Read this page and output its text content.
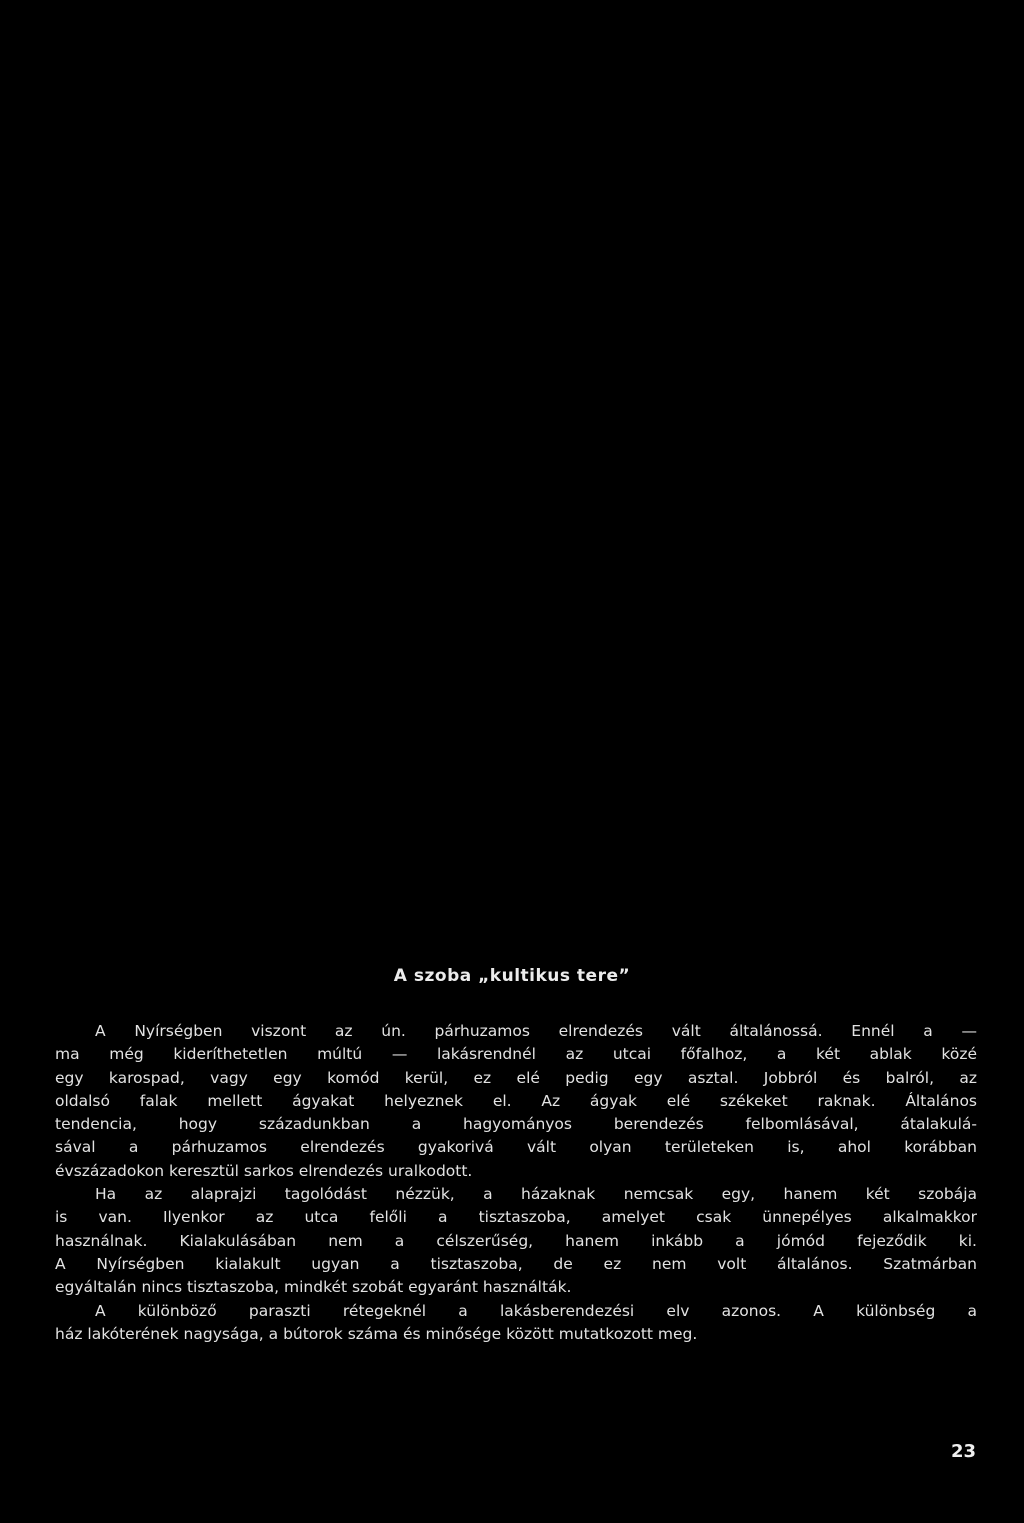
A szoba „kultikus tere”
A Nyírségben viszont az ún. párhuzamos elrendezés vált általánossá. Ennél a —
ma még kideríthetetlen múltú — lakásrendnél az utcai főfalhoz, a két ablak közé
egy karospad, vagy egy komód kerül, ez elé pedig egy asztal. Jobbról és balról, az
oldalsó falak mellett ágyakat helyeznek el. Az ágyak elé székeket raknak. Általános
tendencia, hogy századunkban a hagyományos berendezés felbomlásával, átalakulá-
sával a párhuzamos elrendezés gyakorivá vált olyan területeken is, ahol korábban
évszázadokon keresztül sarkos elrendezés uralkodott.
Ha az alaprajzi tagolódást nézzük, a házaknak nemcsak egy, hanem két szobája
is van. Ilyenkor az utca felőli a tisztaszoba, amelyet csak ünnepélyes alkalmakkor
használnak. Kialakulásában nem a célszerűség, hanem inkább a jómód fejeződik ki.
A Nyírségben kialakult ugyan a tisztaszoba, de ez nem volt általános. Szatmárban
egyáltalán nincs tisztaszoba, mindkét szobát egyaránt használták.
A különböző paraszti rétegeknél a lakásberendezési elv azonos. A különbség a
ház lakóterének nagysága, a bútorok száma és minősége között mutatkozott meg.
23
